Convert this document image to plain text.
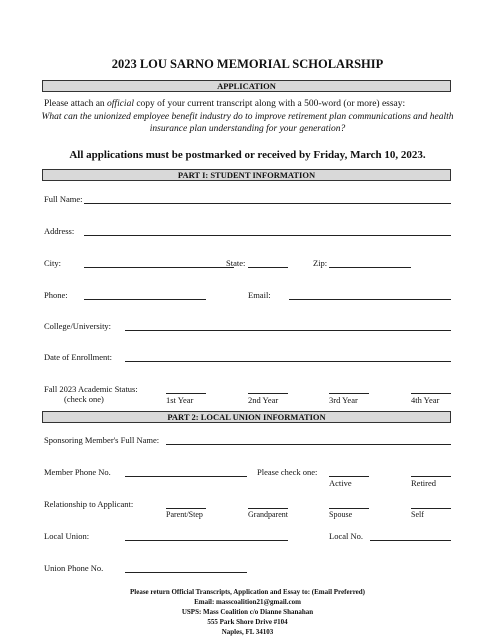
2023 LOU SARNO MEMORIAL SCHOLARSHIP
APPLICATION
Please attach an official copy of your current transcript along with a 500-word (or more) essay:
What can the unionized employee benefit industry do to improve retirement plan communications and health insurance plan understanding for your generation?
All applications must be postmarked or received by Friday, March 10, 2023.
PART I: STUDENT INFORMATION
Full Name:
Address:
City:	State:	Zip:
Phone:	Email:
College/University:
Date of Enrollment:
Fall 2023 Academic Status:
(check one)	1st Year	2nd Year	3rd Year	4th Year
PART 2: LOCAL UNION INFORMATION
Sponsoring Member's Full Name:
Member Phone No.	Please check one:
Active	Retired
Relationship to Applicant:
Parent/Step	Grandparent	Spouse	Self
Local Union:	Local No.
Union Phone No.
Please return Official Transcripts, Application and Essay to: (Email Preferred)
Email: masscoalition21@gmail.com
USPS: Mass Coalition c/o Dianne Shanahan
555 Park Shore Drive #104
Naples, FL 34103
